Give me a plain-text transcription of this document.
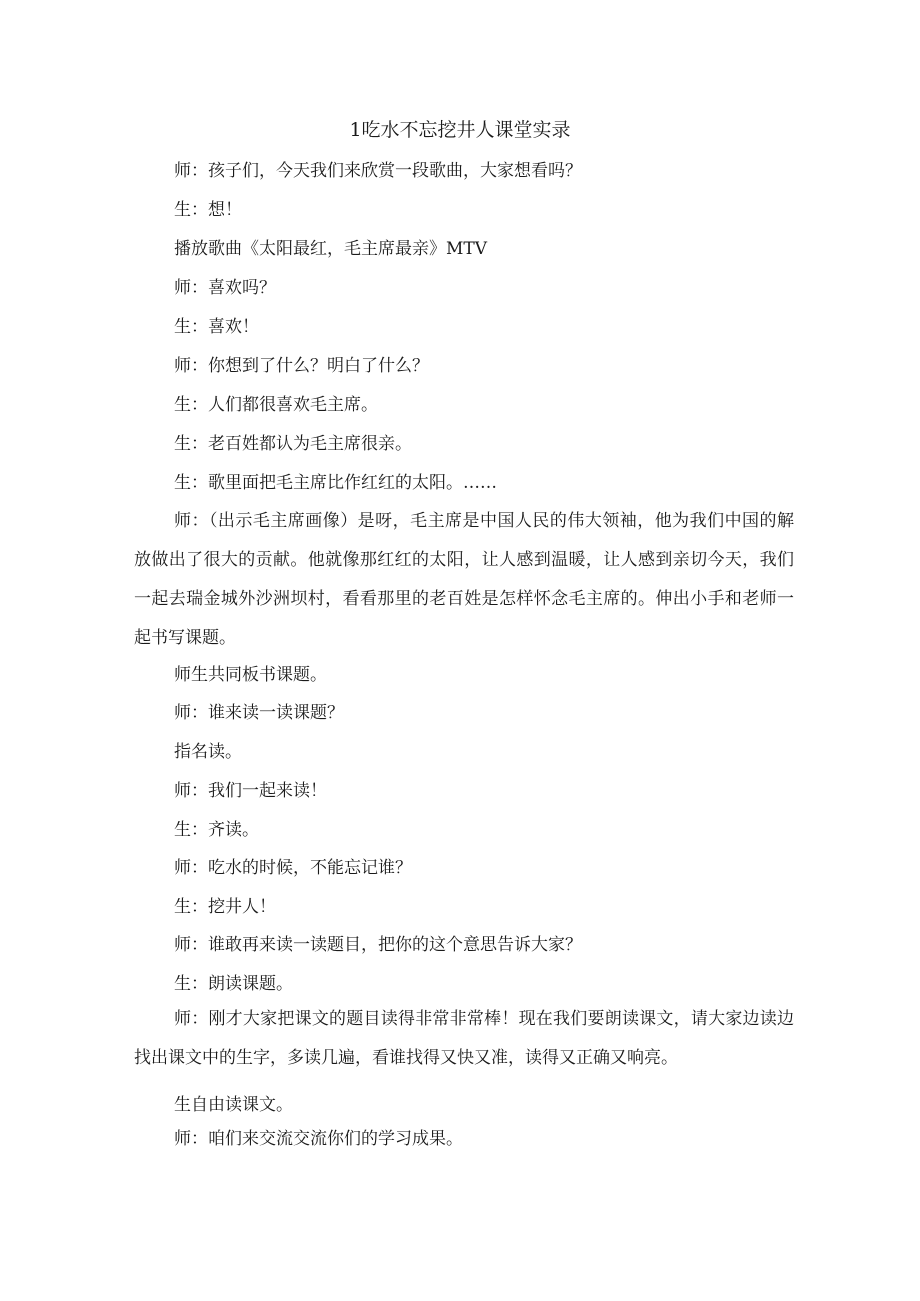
1吃水不忘挖井人课堂实录

师：孩子们，今天我们来欣赏一段歌曲，大家想看吗？

生：想！

播放歌曲《太阳最红，毛主席最亲》MTV

师：喜欢吗？

生：喜欢！

师：你想到了什么？明白了什么？

生：人们都很喜欢毛主席。

生：老百姓都认为毛主席很亲。

生：歌里面把毛主席比作红红的太阳。……

师：（出示毛主席画像）是呀，毛主席是中国人民的伟大领袖，他为我们中国的解放做出了很大的贡献。他就像那红红的太阳，让人感到温暖，让人感到亲切今天，我们一起去瑞金城外沙洲坝村，看看那里的老百姓是怎样怀念毛主席的。伸出小手和老师一起书写课题。

师生共同板书课题。

师：谁来读一读课题？

指名读。

师：我们一起来读！

生：齐读。

师：吃水的时候，不能忘记谁？

生：挖井人！

师：谁敢再来读一读题目，把你的这个意思告诉大家？

生：朗读课题。

师：刚才大家把课文的题目读得非常非常棒！现在我们要朗读课文，请大家边读边找出课文中的生字，多读几遍，看谁找得又快又准，读得又正确又响亮。

生自由读课文。

师：咱们来交流交流你们的学习成果。
